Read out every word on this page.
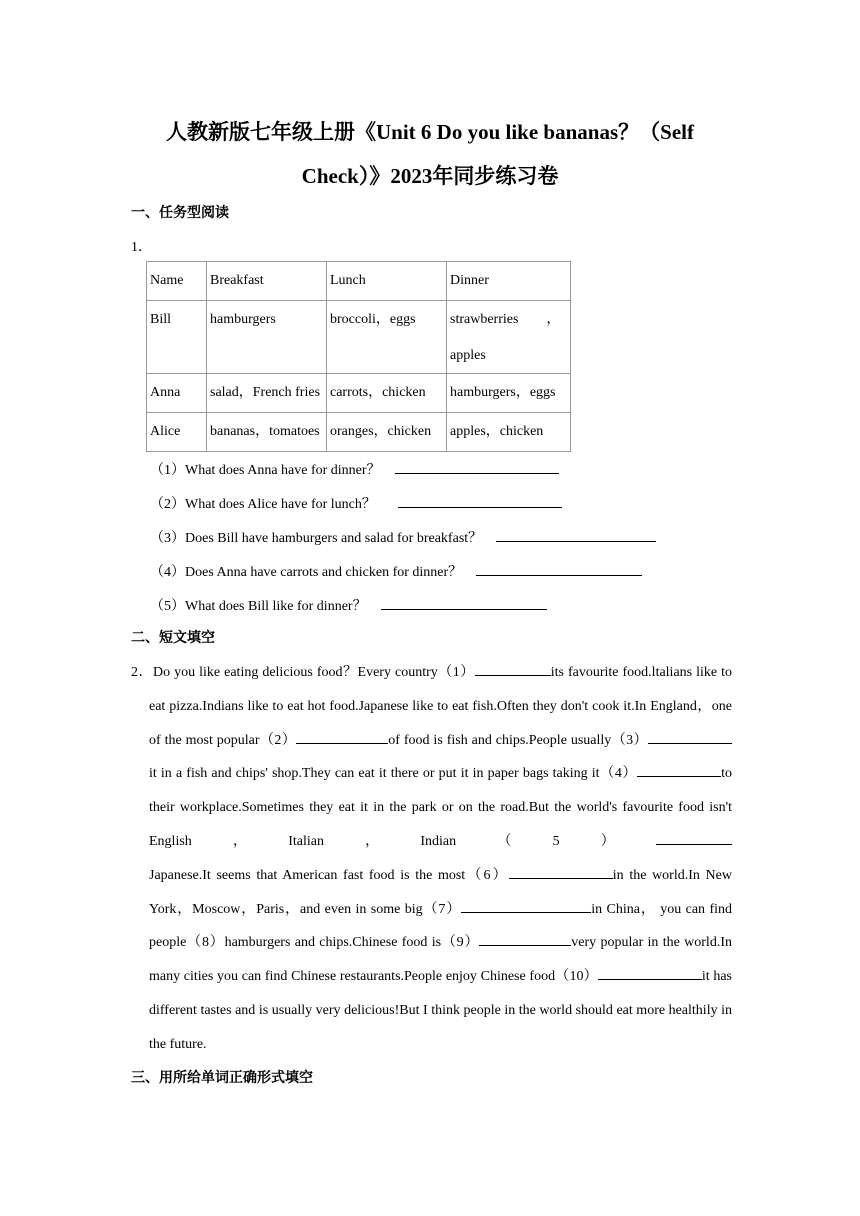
人教新版七年级上册《Unit 6 Do you like bananas？（Self
Check）》2023年同步练习卷
一、任务型阅读
1．
Name	Breakfast	Lunch	Dinner
Bill	hamburgers	broccoli，eggs	strawberries　　，
apples

Anna	salad，French fries	carrots，chicken	hamburgers，eggs
Alice	bananas，tomatoes	oranges，chicken	apples，chicken
（1）What does Anna have for dinner？
（2）What does Alice have for lunch？
（3）Does Bill have hamburgers and salad for breakfast？
（4）Does Anna have carrots and chicken for dinner？
（5）What does Bill like for dinner？
二、短文填空

2．Do you like eating delicious food？Every country（1）	its favourite food.ltalians like to eat pizza.Indians like to eat hot food.Japanese like to eat fish.Often they don't cook it.In England，one of the most popular（2）	of food is fish and chips.People usually（3）it in a fish and chips' shop.They can eat it there or put it in paper bags taking it（4）	to their workplace.Sometimes they eat it in the park or on the road.But the world's favourite food isn't English，Italian，Indian（5）Japanese.It seems that American fast food is the most（6）	in the world.In New York，Moscow，Paris，and even in some big（7）	in China， you can find people（8）hamburgers and chips.Chinese food is（9）	very popular in the world.In many cities you can find Chinese restaurants.People enjoy Chinese food（10）	it has different tastes and is usually very delicious!But I think people in the world should eat more healthily in the future.

三、用所给单词正确形式填空
